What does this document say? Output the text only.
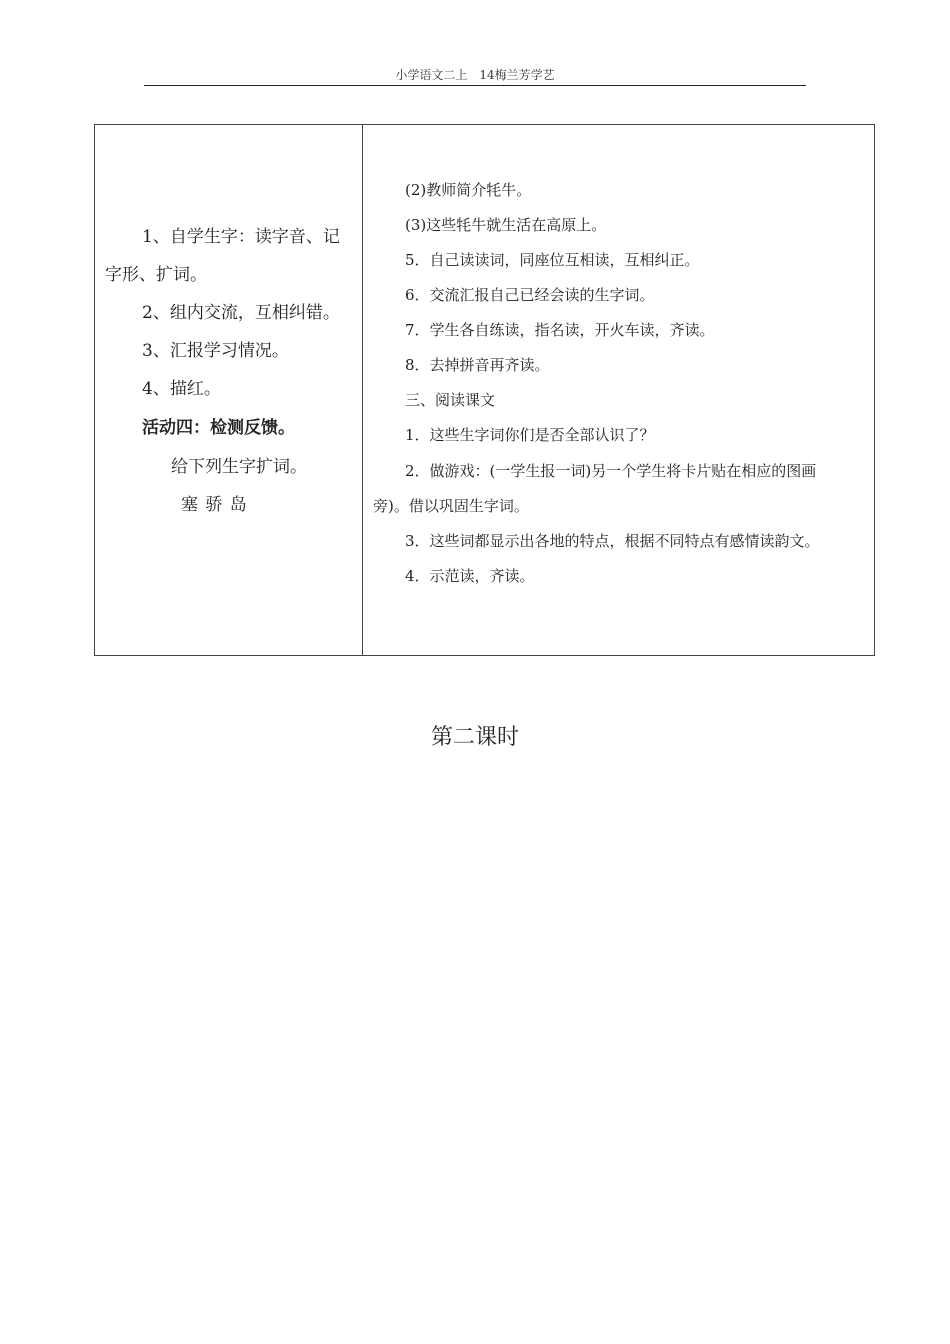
小学语文二上　14梅兰芳学艺
1、自学生字：读字音、记
字形、扩词。
2、组内交流，互相纠错。
3、汇报学习情况。
4、描红。
活动四：检测反馈。
给下列生字扩词。
塞 骄 岛
(2)教师简介牦牛。
(3)这些牦牛就生活在高原上。
5．自己读读词，同座位互相读，互相纠正。
6．交流汇报自己已经会读的生字词。
7．学生各自练读，指名读，开火车读，齐读。
8．去掉拼音再齐读。
三、阅读课文
1．这些生字词你们是否全部认识了？
2．做游戏：(一学生报一词)另一个学生将卡片贴在相应的图画
旁)。借以巩固生字词。
3．这些词都显示出各地的特点，根据不同特点有感情读韵文。
4．示范读，齐读。
第二课时
